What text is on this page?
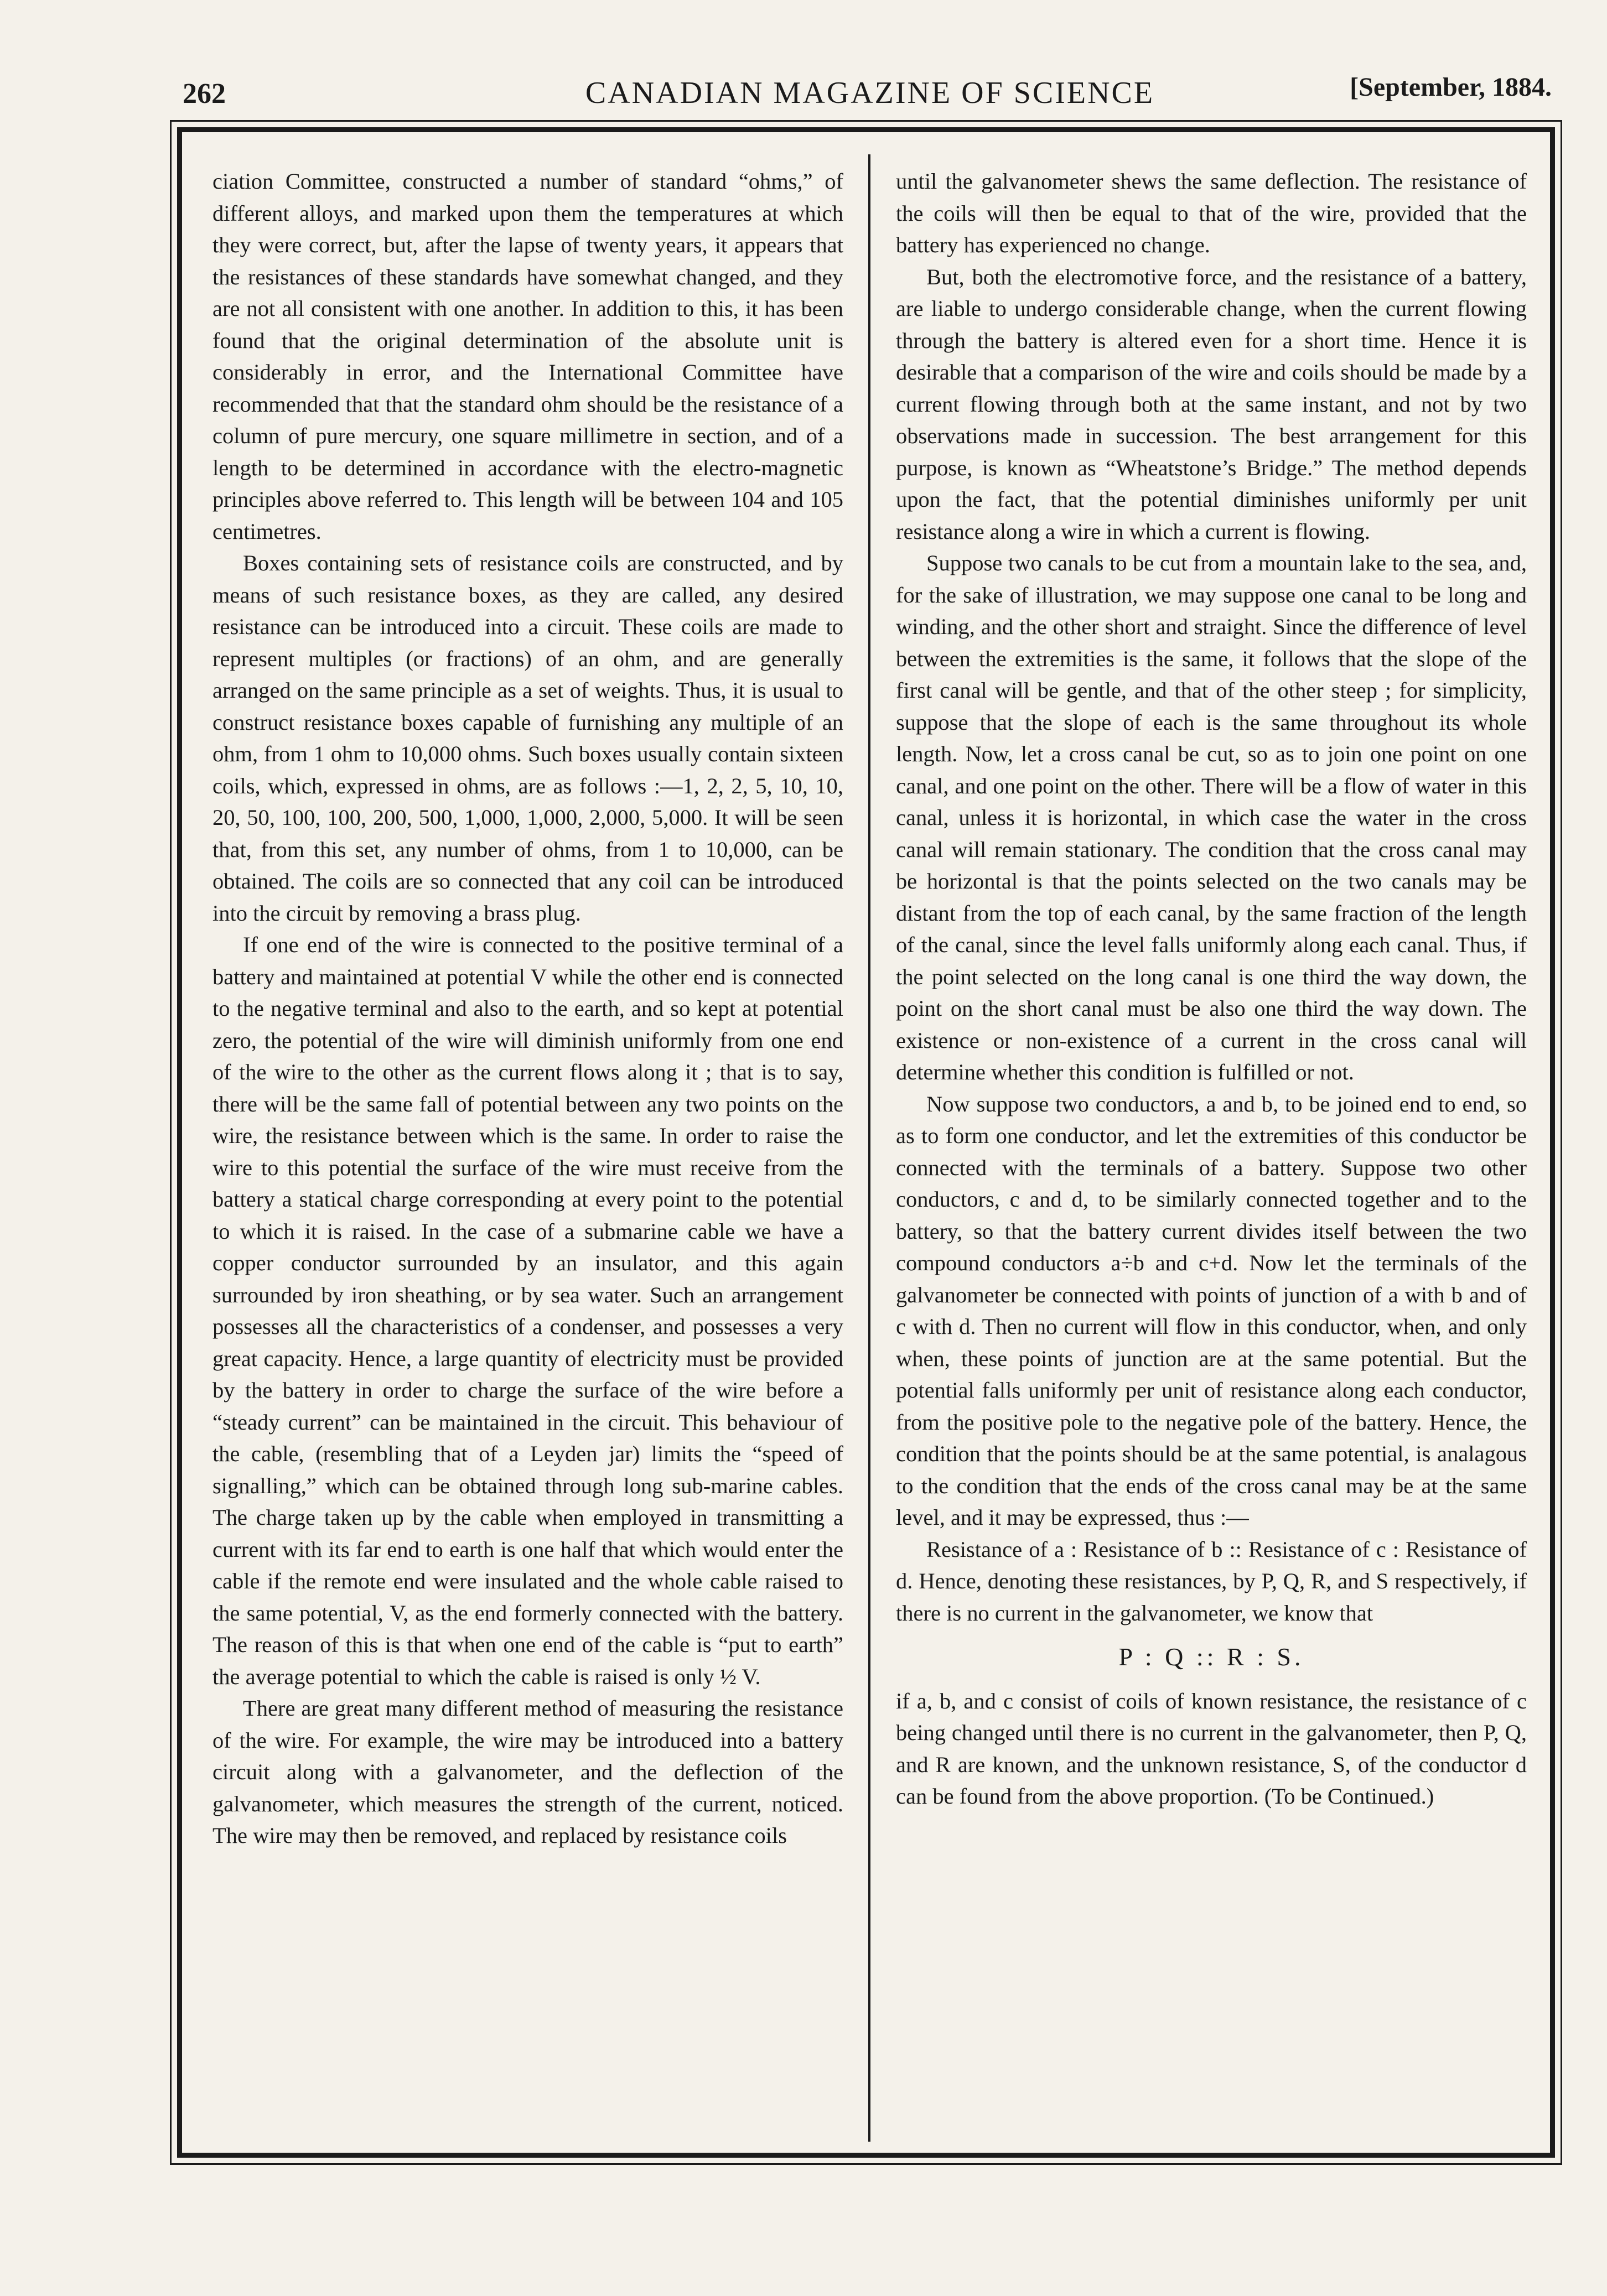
262	CANADIAN MAGAZINE OF SCIENCE	[September, 1884.

ciation Committee, constructed a number of standard “ohms,” of different alloys, and marked upon them the temperatures at which they were correct, but, after the lapse of twenty years, it appears that the resistances of these standards have somewhat changed, and they are not all consistent with one another. In addition to this, it has been found that the original determination of the absolute unit is considerably in error, and the International Committee have recommended that that the standard ohm should be the resistance of a column of pure mercury, one square millimetre in section, and of a length to be determined in accordance with the electro-magnetic principles above referred to. This length will be between 104 and 105 centimetres.

Boxes containing sets of resistance coils are constructed, and by means of such resistance boxes, as they are called, any desired resistance can be introduced into a circuit. These coils are made to represent multiples (or fractions) of an ohm, and are generally arranged on the same principle as a set of weights. Thus, it is usual to construct resistance boxes capable of furnishing any multiple of an ohm, from 1 ohm to 10,000 ohms. Such boxes usually contain sixteen coils, which, expressed in ohms, are as follows :—1, 2, 2, 5, 10, 10, 20, 50, 100, 100, 200, 500, 1,000, 1,000, 2,000, 5,000. It will be seen that, from this set, any number of ohms, from 1 to 10,000, can be obtained. The coils are so connected that any coil can be introduced into the circuit by removing a brass plug.

If one end of the wire is connected to the positive terminal of a battery and maintained at potential V while the other end is connected to the negative terminal and also to the earth, and so kept at potential zero, the potential of the wire will diminish uniformly from one end of the wire to the other as the current flows along it ; that is to say, there will be the same fall of potential between any two points on the wire, the resistance between which is the same. In order to raise the wire to this potential the surface of the wire must receive from the battery a statical charge corresponding at every point to the potential to which it is raised. In the case of a submarine cable we have a copper conductor surrounded by an insulator, and this again surrounded by iron sheathing, or by sea water. Such an arrangement possesses all the characteristics of a condenser, and possesses a very great capacity. Hence, a large quantity of electricity must be provided by the battery in order to charge the surface of the wire before a “steady current” can be maintained in the circuit. This behaviour of the cable, (resembling that of a Leyden jar) limits the “speed of signalling,” which can be obtained through long sub-marine cables. The charge taken up by the cable when employed in transmitting a current with its far end to earth is one half that which would enter the cable if the remote end were insulated and the whole cable raised to the same potential, V, as the end formerly connected with the battery. The reason of this is that when one end of the cable is “put to earth” the average potential to which the cable is raised is only ½ V.

There are great many different method of measuring the resistance of the wire. For example, the wire may be introduced into a battery circuit along with a galvanometer, and the deflection of the galvanometer, which measures the strength of the current, noticed. The wire may then be removed, and replaced by resistance coils

until the galvanometer shews the same deflection. The resistance of the coils will then be equal to that of the wire, provided that the battery has experienced no change.

But, both the electromotive force, and the resistance of a battery, are liable to undergo considerable change, when the current flowing through the battery is altered even for a short time. Hence it is desirable that a comparison of the wire and coils should be made by a current flowing through both at the same instant, and not by two observations made in succession. The best arrangement for this purpose, is known as “Wheatstone’s Bridge.” The method depends upon the fact, that the potential diminishes uniformly per unit resistance along a wire in which a current is flowing.

Suppose two canals to be cut from a mountain lake to the sea, and, for the sake of illustration, we may suppose one canal to be long and winding, and the other short and straight. Since the difference of level between the extremities is the same, it follows that the slope of the first canal will be gentle, and that of the other steep ; for simplicity, suppose that the slope of each is the same throughout its whole length. Now, let a cross canal be cut, so as to join one point on one canal, and one point on the other. There will be a flow of water in this canal, unless it is horizontal, in which case the water in the cross canal will remain stationary. The condition that the cross canal may be horizontal is that the points selected on the two canals may be distant from the top of each canal, by the same fraction of the length of the canal, since the level falls uniformly along each canal. Thus, if the point selected on the long canal is one third the way down, the point on the short canal must be also one third the way down. The existence or non-existence of a current in the cross canal will determine whether this condition is fulfilled or not.

Now suppose two conductors, a and b, to be joined end to end, so as to form one conductor, and let the extremities of this conductor be connected with the terminals of a battery. Suppose two other conductors, c and d, to be similarly connected together and to the battery, so that the battery current divides itself between the two compound conductors a÷b and c+d. Now let the terminals of the galvanometer be connected with points of junction of a with b and of c with d. Then no current will flow in this conductor, when, and only when, these points of junction are at the same potential. But the potential falls uniformly per unit of resistance along each conductor, from the positive pole to the negative pole of the battery. Hence, the condition that the points should be at the same potential, is analagous to the condition that the ends of the cross canal may be at the same level, and it may be expressed, thus :—

Resistance of a : Resistance of b :: Resistance of c : Resistance of d. Hence, denoting these resistances, by P, Q, R, and S respectively, if there is no current in the galvanometer, we know that

P : Q :: R : S.

if a, b, and c consist of coils of known resistance, the resistance of c being changed until there is no current in the galvanometer, then P, Q, and R are known, and the unknown resistance, S, of the conductor d can be found from the above proportion. (To be Continued.)
